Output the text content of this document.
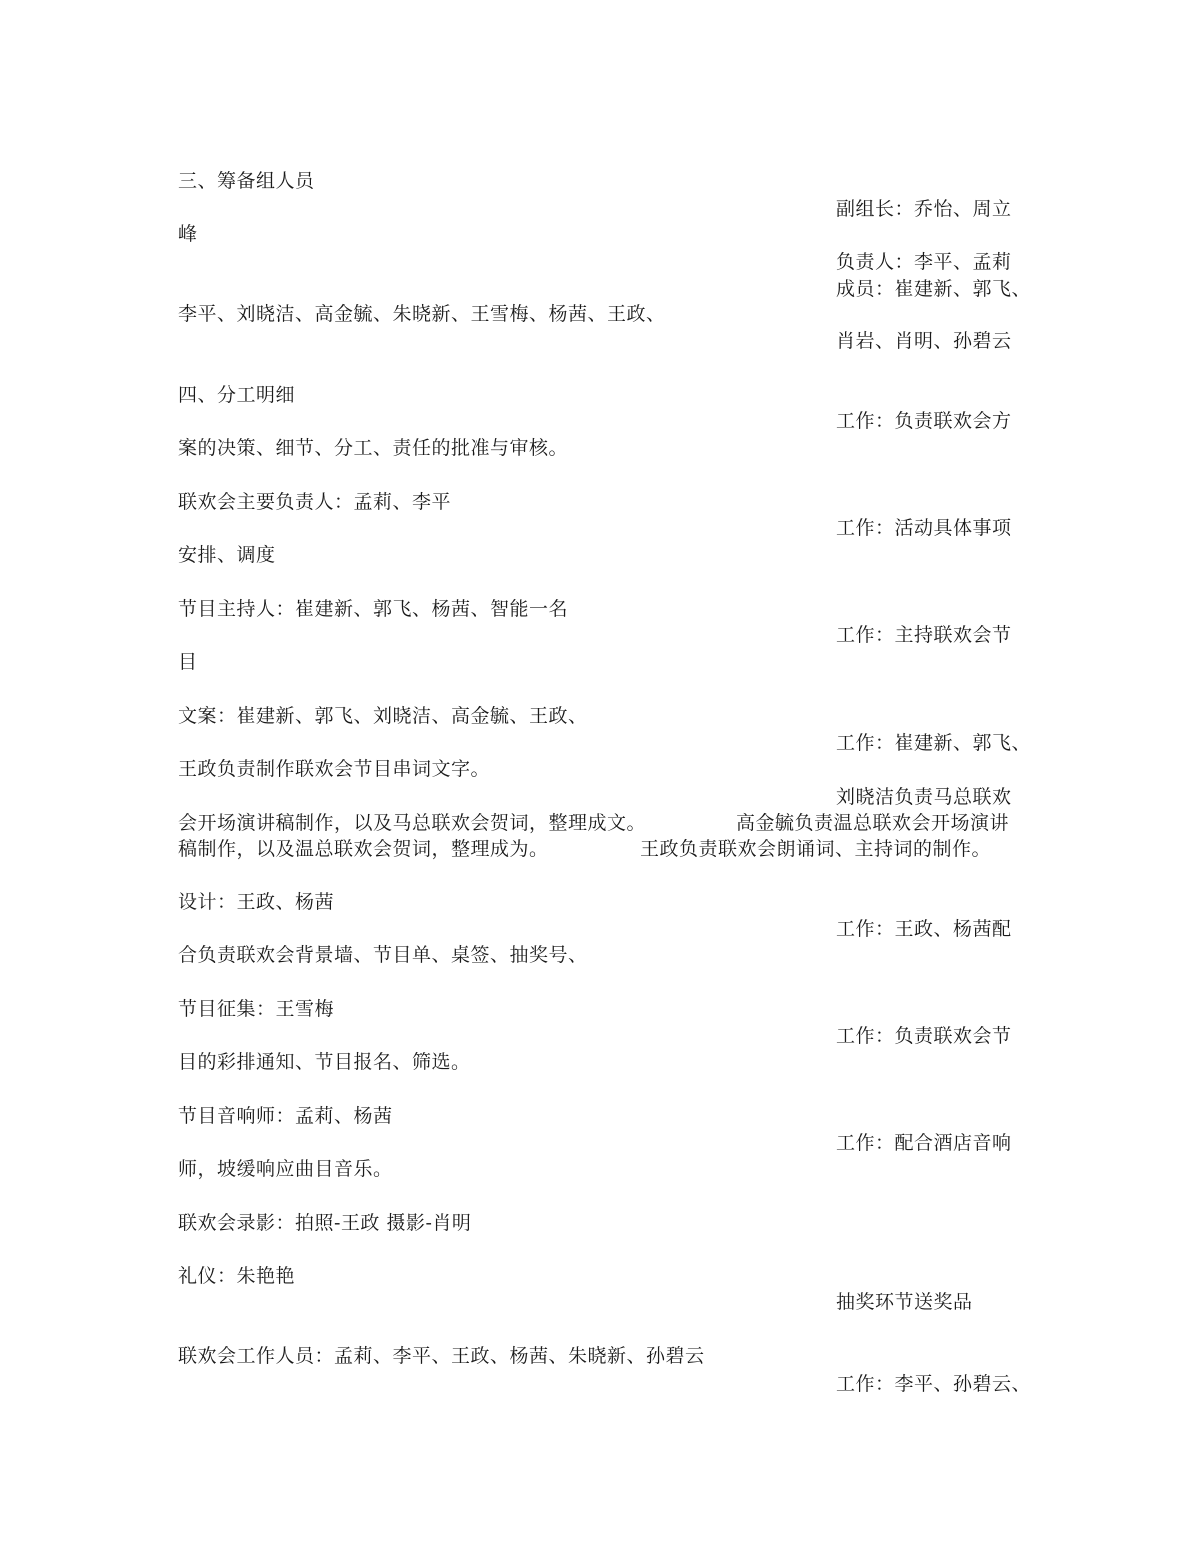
三、筹备组人员
副组长：乔怡、周立
峰
负责人：李平、孟莉
成员：崔建新、郭飞、
李平、刘晓洁、高金毓、朱晓新、王雪梅、杨茜、王政、
肖岩、肖明、孙碧云
四、分工明细
工作：负责联欢会方
案的决策、细节、分工、责任的批准与审核。
联欢会主要负责人：孟莉、李平
工作：活动具体事项
安排、调度
节目主持人：崔建新、郭飞、杨茜、智能一名
工作：主持联欢会节
目
文案：崔建新、郭飞、刘晓洁、高金毓、王政、
工作：崔建新、郭飞、
王政负责制作联欢会节目串词文字。
刘晓洁负责马总联欢
会开场演讲稿制作，以及马总联欢会贺词，整理成文。	高金毓负责温总联欢会开场演讲
稿制作，以及温总联欢会贺词，整理成为。	王政负责联欢会朗诵词、主持词的制作。
设计：王政、杨茜
工作：王政、杨茜配
合负责联欢会背景墙、节目单、桌签、抽奖号、
节目征集：王雪梅
工作：负责联欢会节
目的彩排通知、节目报名、筛选。
节目音响师：孟莉、杨茜
工作：配合酒店音响
师，坡缓响应曲目音乐。
联欢会录影：拍照-王政 摄影-肖明
礼仪：朱艳艳
抽奖环节送奖品
联欢会工作人员：孟莉、李平、王政、杨茜、朱晓新、孙碧云
工作：李平、孙碧云、
